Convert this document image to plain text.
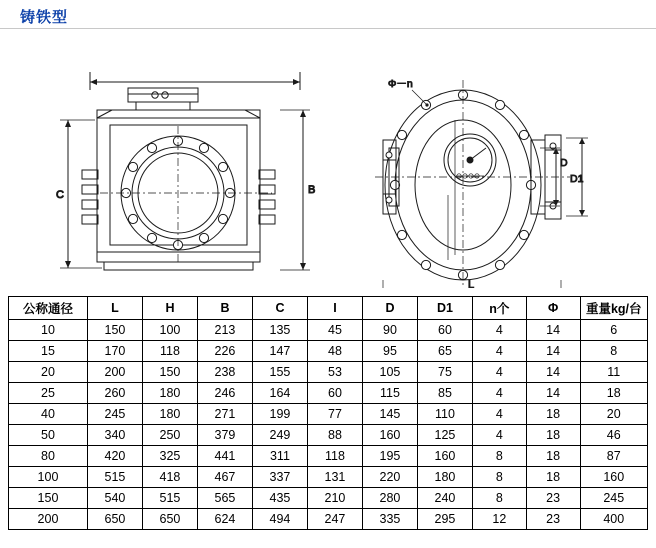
铸铁型
C	B
Φ－n
D1
D
L
公称通径	L	H	B	C	I	D	D1	n个	Φ	重量kg/台
10	150	100	213	135	45	90	60	4	14	6
15	170	118	226	147	48	95	65	4	14	8
20	200	150	238	155	53	105	75	4	14	11
25	260	180	246	164	60	115	85	4	14	18
40	245	180	271	199	77	145	110	4	18	20
50	340	250	379	249	88	160	125	4	18	46
80	420	325	441	311	118	195	160	8	18	87
100	515	418	467	337	131	220	180	8	18	160
150	540	515	565	435	210	280	240	8	23	245
200	650	650	624	494	247	335	295	12	23	400
